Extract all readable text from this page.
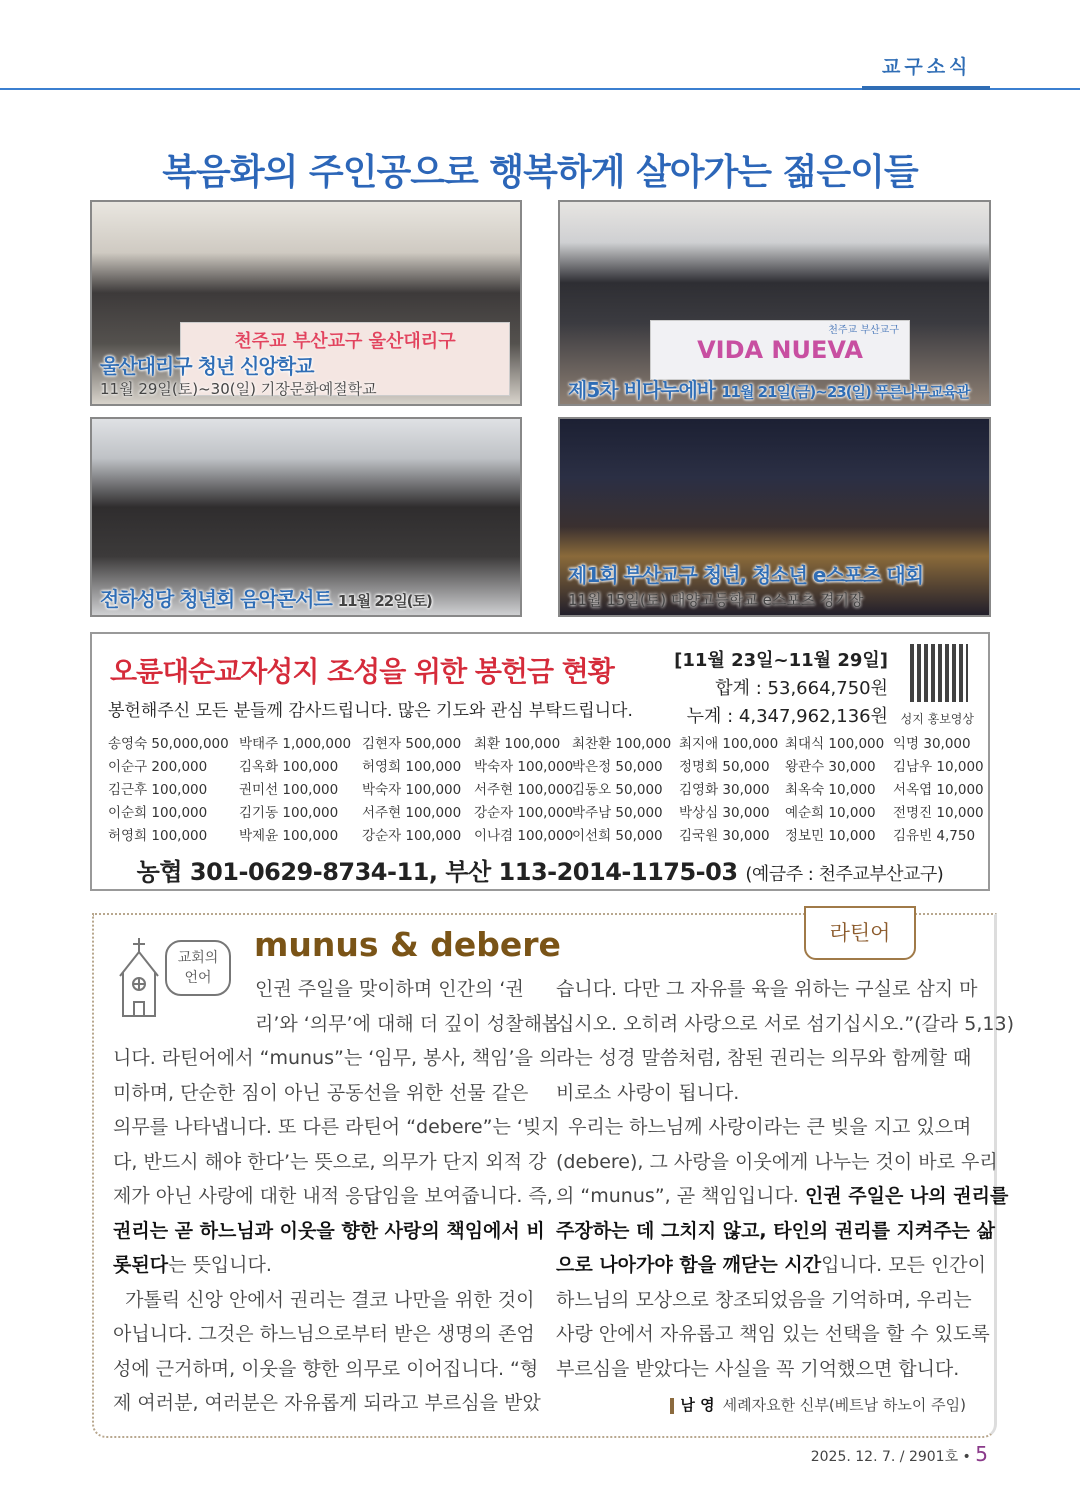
교구소식
복음화의 주인공으로 행복하게 살아가는 젊은이들
천주교 부산교구 울산대리구
울산대리구 청년 신앙학교
11월 29일(토)~30(일) 기장문화예절학교
천주교 부산교구
VIDA NUEVA
제5차 비다누에바 11월 21일(금)~23(일) 푸른나무교육관
전하성당 청년회 음악콘서트 11월 22일(토)
제1회 부산교구 청년, 청소년 e스포츠 대회
11월 15일(토) 대양고등학교 e스포츠 경기장
오륜대순교자성지 조성을 위한 봉헌금 현황
봉헌해주신 모든 분들께 감사드립니다. 많은 기도와 관심 부탁드립니다.
[11월 23일~11월 29일]
합계 : 53,664,750원
누계 : 4,347,962,136원 성지 홍보영상
송영숙 50,000,000 박태주 1,000,000 김현자 500,000 최환 100,000 최찬환 100,000 최지애 100,000 최대식 100,000 익명 30,000
이순구 200,000 김옥화 100,000 허영희 100,000 박숙자 100,000
박은정 50,000 정명희 50,000 왕관수 30,000 김남우 10,000
김근후 100,000 권미선 100,000 박숙자 100,000 서주현 100,000
김동오 50,000 김영화 30,000 최옥숙 10,000 서옥엽 10,000
이순희 100,000 김기동 100,000 서주현 100,000 강순자 100,000
박주남 50,000 박상심 30,000 예순희 10,000 전명진 10,000
허영희 100,000 박제윤 100,000 강순자 100,000 이나겸 100,000
이선희 50,000 김국원 30,000 정보민 10,000 김유빈 4,750
농협 301-0629-8734-11, 부산 113-2014-1175-03 (예금주 : 천주교부산교구)
라틴어
교회의
언어
munus & debere
인권 주일을 맞이하며 인간의 ‘권
리’와 ‘의무’에 대해 더 깊이 성찰해봅
니다. 라틴어에서 “munus”는 ‘임무, 봉사, 책임’을 의
미하며, 단순한 짐이 아닌 공동선을 위한 선물 같은
의무를 나타냅니다. 또 다른 라틴어 “debere”는 ‘빚지
다, 반드시 해야 한다’는 뜻으로, 의무가 단지 외적 강
제가 아닌 사랑에 대한 내적 응답임을 보여줍니다. 즉,
권리는 곧 하느님과 이웃을 향한 사랑의 책임에서 비
롯된다는 뜻입니다.
가톨릭 신앙 안에서 권리는 결코 나만을 위한 것이
아닙니다. 그것은 하느님으로부터 받은 생명의 존엄
성에 근거하며, 이웃을 향한 의무로 이어집니다. “형
제 여러분, 여러분은 자유롭게 되라고 부르심을 받았
습니다. 다만 그 자유를 육을 위하는 구실로 삼지 마
십시오. 오히려 사랑으로 서로 섬기십시오.”(갈라 5,13)
라는 성경 말씀처럼, 참된 권리는 의무와 함께할 때
비로소 사랑이 됩니다.
우리는 하느님께 사랑이라는 큰 빚을 지고 있으며
(debere), 그 사랑을 이웃에게 나누는 것이 바로 우리
의 “munus”, 곧 책임입니다. 인권 주일은 나의 권리를
주장하는 데 그치지 않고, 타인의 권리를 지켜주는 삶
으로 나아가야 함을 깨닫는 시간입니다. 모든 인간이
하느님의 모상으로 창조되었음을 기억하며, 우리는
사랑 안에서 자유롭고 책임 있는 선택을 할 수 있도록
부르심을 받았다는 사실을 꼭 기억했으면 합니다.
남 영 세례자요한 신부(베트남 하노이 주임)
2025. 12. 7. / 2901호 • 5
